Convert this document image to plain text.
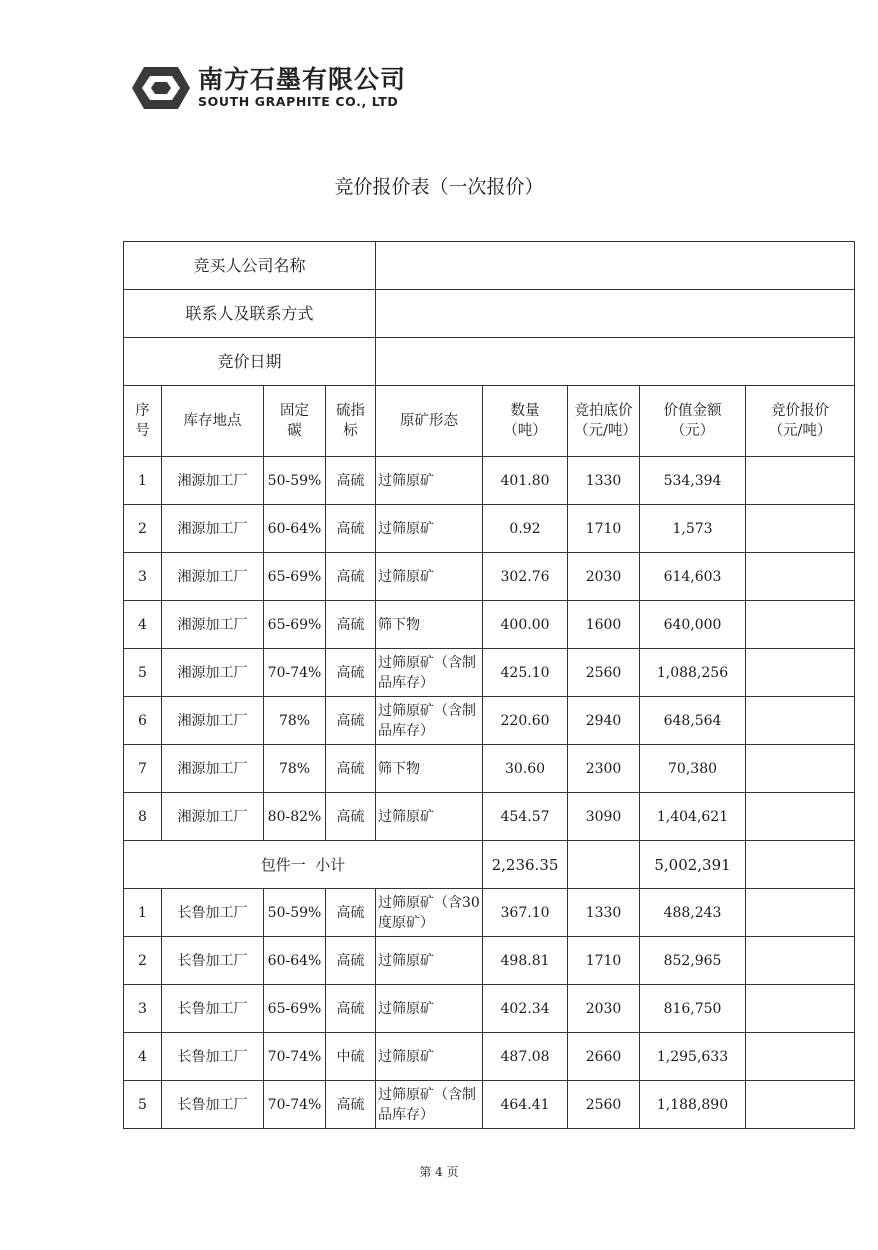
南方石墨有限公司
SOUTH GRAPHITE CO., LTD
竞价报价表（一次报价）
竞买人公司名称								
联系人及联系方式								
竞价日期								
序号	库存地点	固定碳	硫指标	原矿形态	数量（吨）	竞拍底价（元/吨）	价值金额（元）	竞价报价（元/吨）
1	湘源加工厂	50-59%	高硫	过筛原矿	401.80	1330	534,394	
2	湘源加工厂	60-64%	高硫	过筛原矿	0.92	1710	1,573	
3	湘源加工厂	65-69%	高硫	过筛原矿	302.76	2030	614,603	
4	湘源加工厂	65-69%	高硫	筛下物	400.00	1600	640,000	
5	湘源加工厂	70-74%	高硫	过筛原矿（含制品库存）	425.10	2560	1,088,256	
6	湘源加工厂	78%	高硫	过筛原矿（含制品库存）	220.60	2940	648,564	
7	湘源加工厂	78%	高硫	筛下物	30.60	2300	70,380	
8	湘源加工厂	80-82%	高硫	过筛原矿	454.57	3090	1,404,621	
包件一  小计					2,236.35		5,002,391	
1	长鲁加工厂	50-59%	高硫	过筛原矿（含30度原矿）	367.10	1330	488,243	
2	长鲁加工厂	60-64%	高硫	过筛原矿	498.81	1710	852,965	
3	长鲁加工厂	65-69%	高硫	过筛原矿	402.34	2030	816,750	
4	长鲁加工厂	70-74%	中硫	过筛原矿	487.08	2660	1,295,633	
5	长鲁加工厂	70-74%	高硫	过筛原矿（含制品库存）	464.41	2560	1,188,890	
第 4 页
